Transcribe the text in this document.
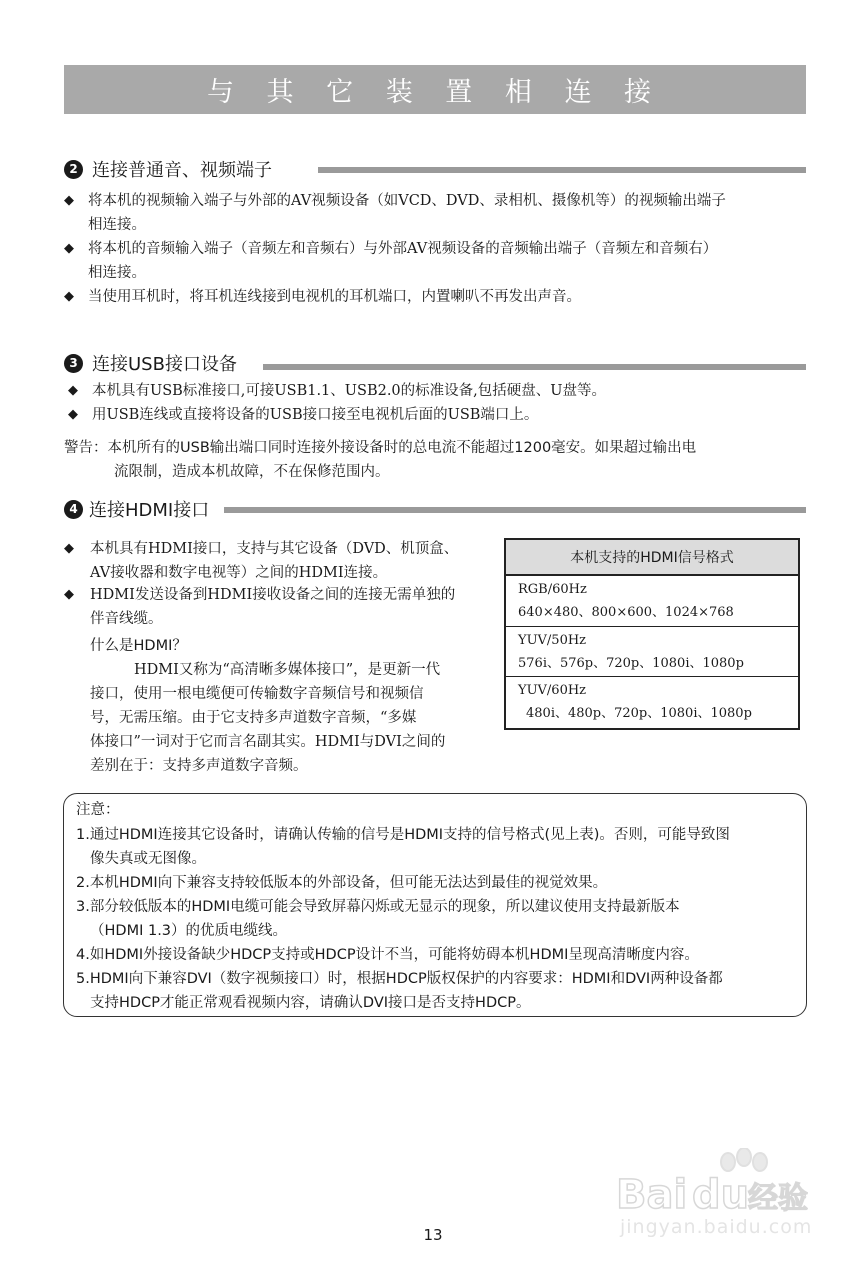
与 其 它 装 置 相 连 接
2 连接普通音、视频端子
◆ 将本机的视频输入端子与外部的AV视频设备（如VCD、DVD、录相机、摄像机等）的视频输出端子
相连接。
◆ 将本机的音频输入端子（音频左和音频右）与外部AV视频设备的音频输出端子（音频左和音频右）
相连接。
◆ 当使用耳机时，将耳机连线接到电视机的耳机端口，内置喇叭不再发出声音。
3 连接USB接口设备
◆ 本机具有USB标准接口,可接USB1.1、USB2.0的标准设备,包括硬盘、U盘等。
◆ 用USB连线或直接将设备的USB接口接至电视机后面的USB端口上。
警告：本机所有的USB输出端口同时连接外接设备时的总电流不能超过1200毫安。如果超过输出电
流限制，造成本机故障，不在保修范围内。
4 连接HDMI接口
◆ 本机具有HDMI接口，支持与其它设备（DVD、机顶盒、
AV接收器和数字电视等）之间的HDMI连接。
◆ HDMI发送设备到HDMI接收设备之间的连接无需单独的
伴音线缆。
什么是HDMI？
HDMI又称为“高清晰多媒体接口”，是更新一代
接口，使用一根电缆便可传输数字音频信号和视频信
号，无需压缩。由于它支持多声道数字音频，“多媒
体接口”一词对于它而言名副其实。HDMI与DVI之间的
差别在于：支持多声道数字音频。
本机支持的HDMI信号格式
RGB/60Hz
640×480、800×600、1024×768
YUV/50Hz
576i、576p、720p、1080i、1080p
YUV/60Hz
480i、480p、720p、1080i、1080p
注意：
1.通过HDMI连接其它设备时，请确认传输的信号是HDMI支持的信号格式(见上表)。否则，可能导致图
像失真或无图像。
2.本机HDMI向下兼容支持较低版本的外部设备，但可能无法达到最佳的视觉效果。
3.部分较低版本的HDMI电缆可能会导致屏幕闪烁或无显示的现象，所以建议使用支持最新版本
（HDMI 1.3）的优质电缆线。
4.如HDMI外接设备缺少HDCP支持或HDCP设计不当，可能将妨碍本机HDMI呈现高清晰度内容。
5.HDMI向下兼容DVI（数字视频接口）时，根据HDCP版权保护的内容要求：HDMI和DVI两种设备都
支持HDCP才能正常观看视频内容，请确认DVI接口是否支持HDCP。
13
Bai du
经验
jingyan.baidu.com
